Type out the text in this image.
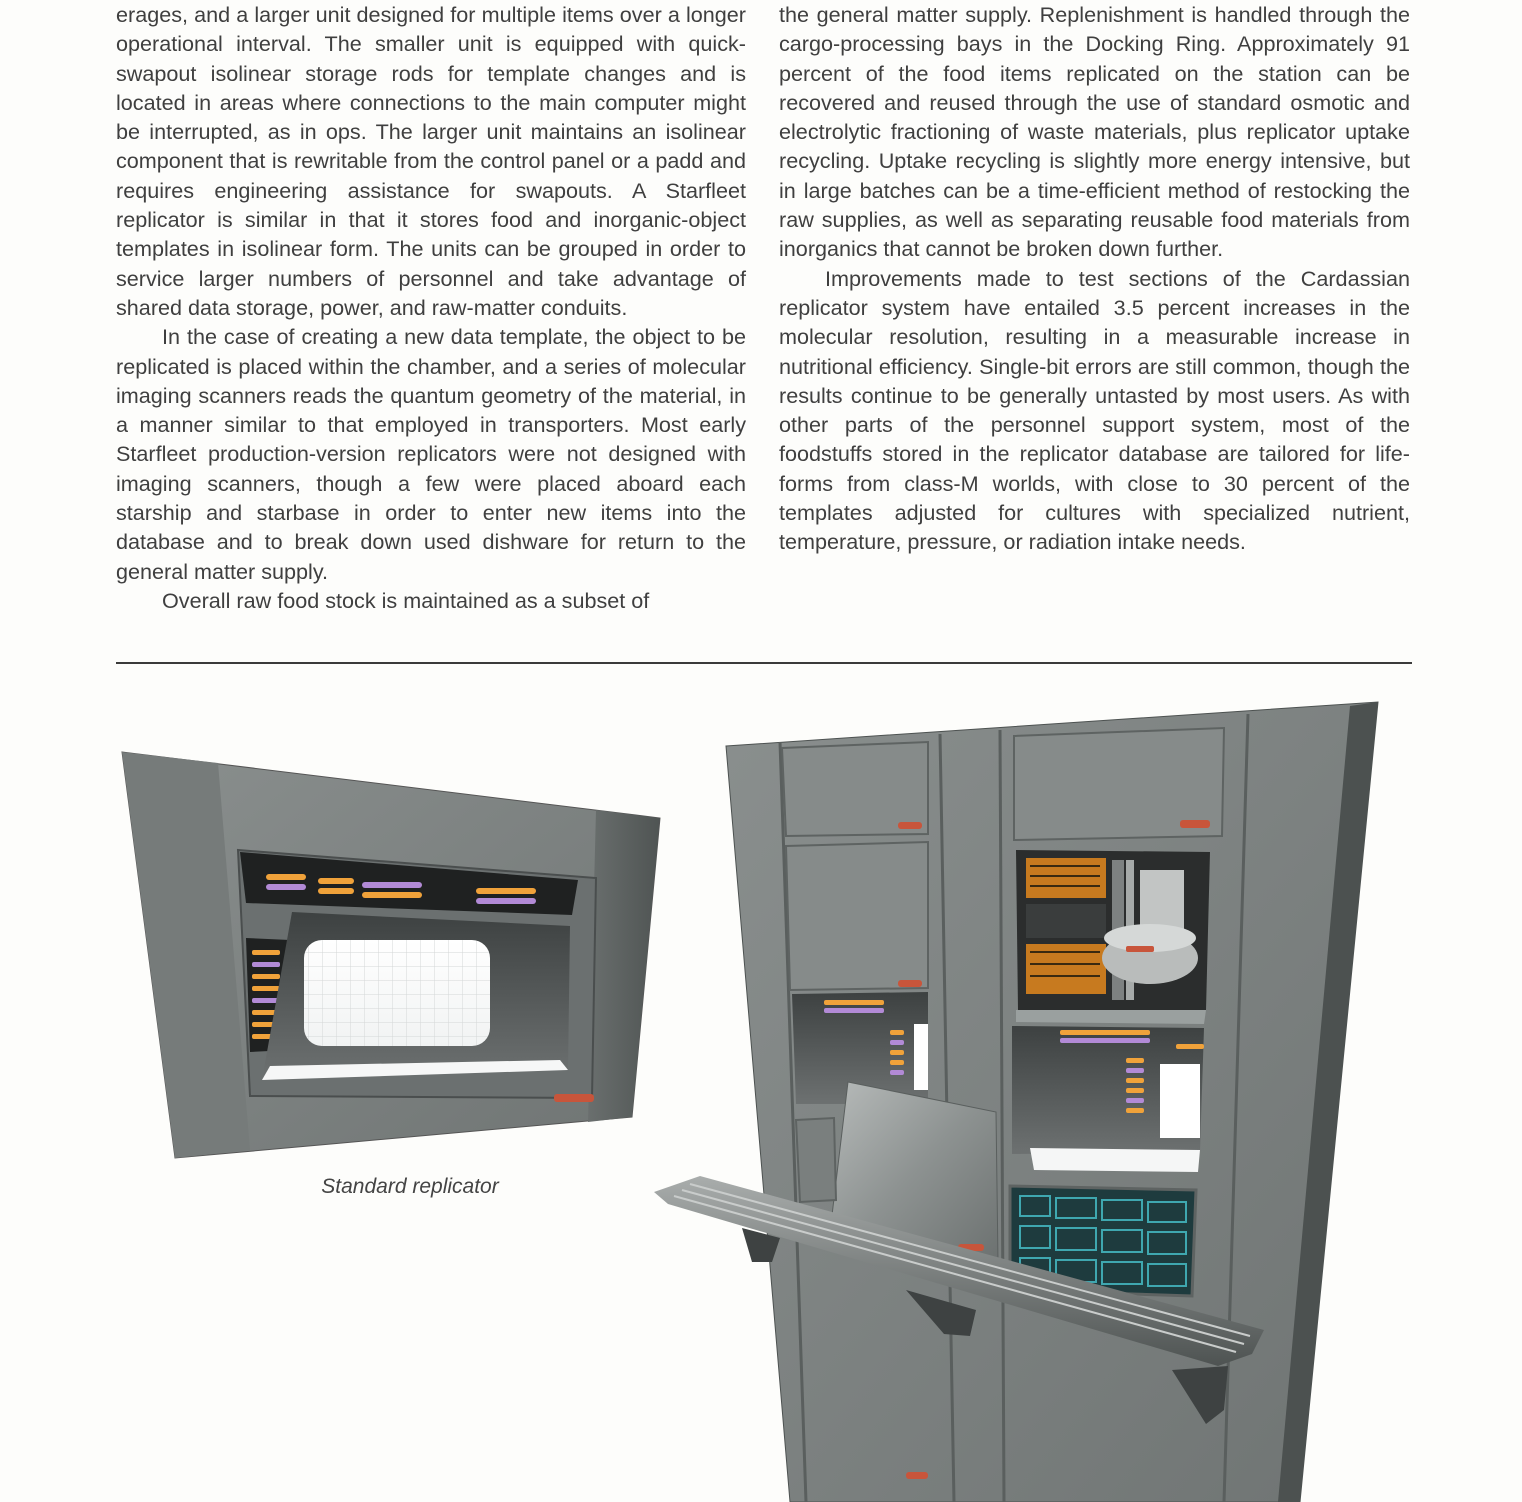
erages, and a larger unit designed for multiple items over a longer operational interval. The smaller unit is equipped with quick-swapout isolinear storage rods for template changes and is located in areas where connections to the main computer might be interrupted, as in ops. The larger unit maintains an isolinear component that is rewritable from the control panel or a padd and requires engineering assistance for swapouts. A Starfleet replicator is similar in that it stores food and inorganic-object templates in isolinear form. The units can be grouped in order to service larger numbers of personnel and take advantage of shared data storage, power, and raw-matter conduits.

In the case of creating a new data template, the object to be replicated is placed within the chamber, and a series of molecular imaging scanners reads the quantum geometry of the material, in a manner similar to that employed in transporters. Most early Starfleet production-version replicators were not designed with imaging scanners, though a few were placed aboard each starship and starbase in order to enter new items into the database and to break down used dishware for return to the general matter supply.

Overall raw food stock is maintained as a subset of

the general matter supply. Replenishment is handled through the cargo-processing bays in the Docking Ring. Approximately 91 percent of the food items replicated on the station can be recovered and reused through the use of standard osmotic and electrolytic fractioning of waste materials, plus replicator uptake recycling. Uptake recycling is slightly more energy intensive, but in large batches can be a time-efficient method of restocking the raw supplies, as well as separating reusable food materials from inorganics that cannot be broken down further.

Improvements made to test sections of the Cardassian replicator system have entailed 3.5 percent increases in the molecular resolution, resulting in a measurable increase in nutritional efficiency. Single-bit errors are still common, though the results continue to be generally untasted by most users. As with other parts of the personnel support system, most of the foodstuffs stored in the replicator database are tailored for life-forms from class-M worlds, with close to 30 percent of the templates adjusted for cultures with specialized nutrient, temperature, pressure, or radiation intake needs.

Standard replicator
